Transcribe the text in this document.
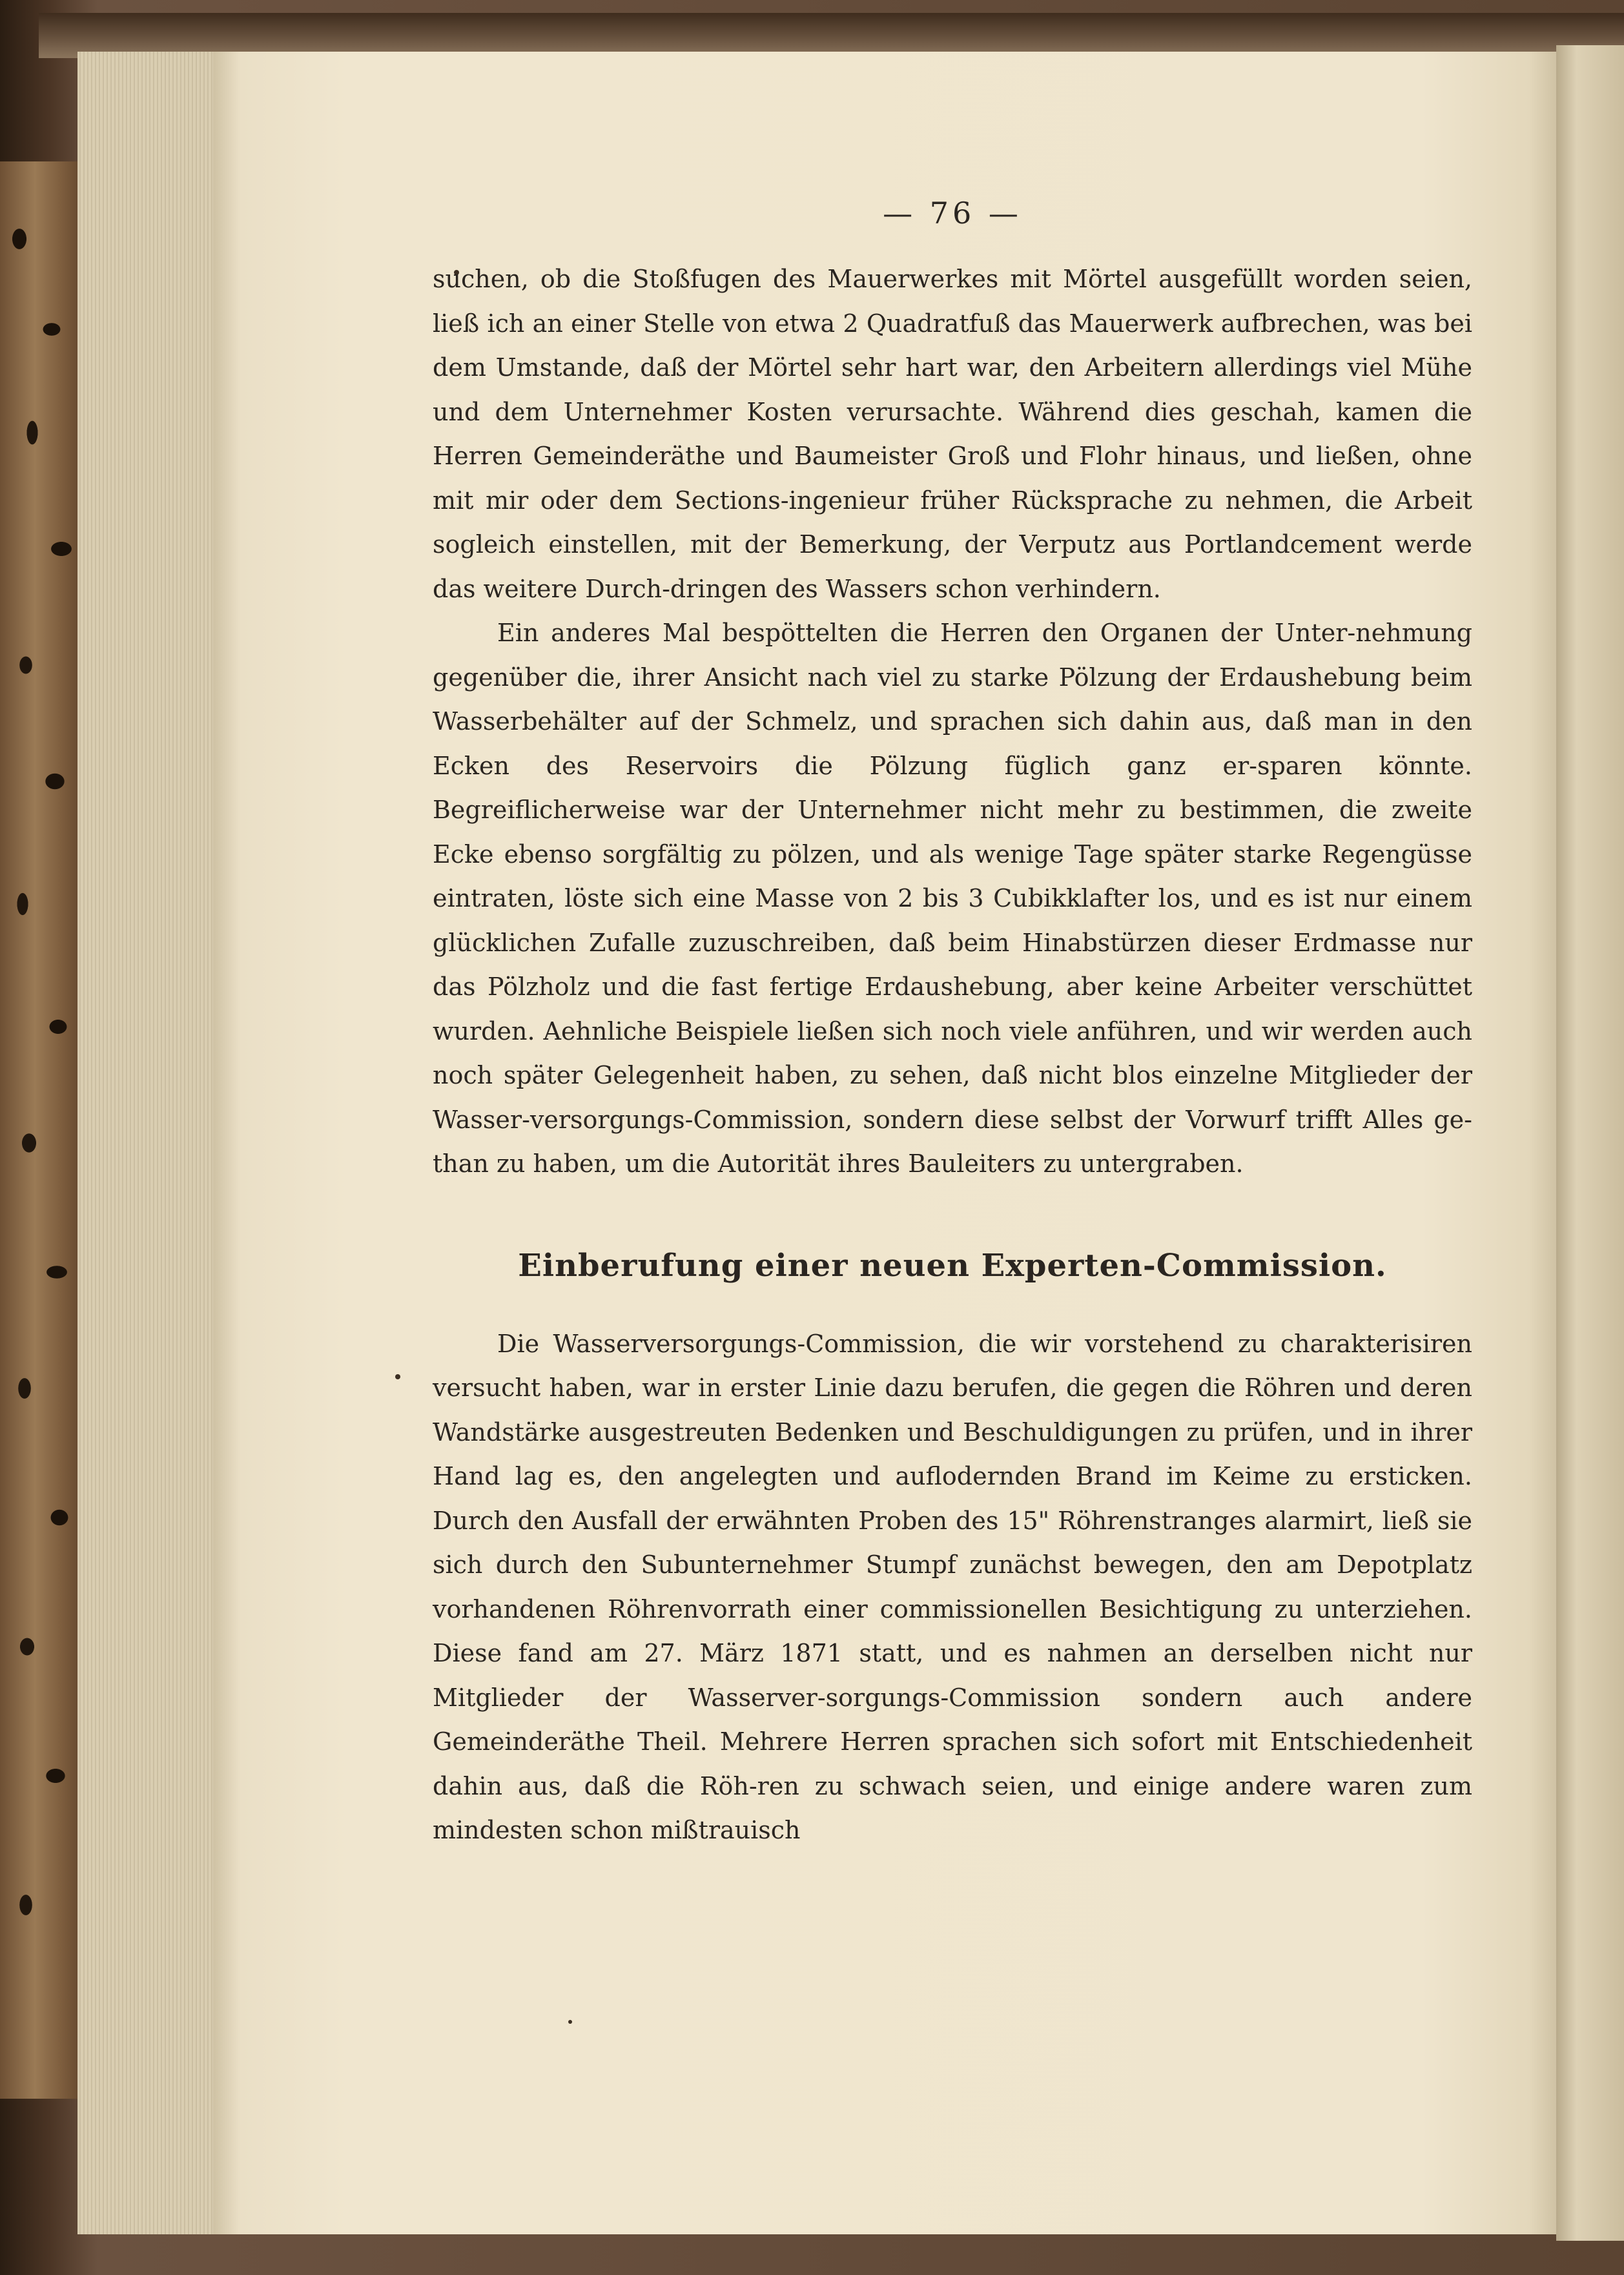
— 76 —

suchen, ob die Stoßfugen des Mauerwerkes mit Mörtel ausgefüllt worden seien, ließ ich an einer Stelle von etwa 2 Quadratfuß das Mauerwerk aufbrechen, was bei dem Umstande, daß der Mörtel sehr hart war, den Arbeitern allerdings viel Mühe und dem Unternehmer Kosten verursachte. Während dies geschah, kamen die Herren Gemeinderäthe und Baumeister Groß und Flohr hinaus, und ließen, ohne mit mir oder dem Sections-ingenieur früher Rücksprache zu nehmen, die Arbeit sogleich einstellen, mit der Bemerkung, der Verputz aus Portlandcement werde das weitere Durch-dringen des Wassers schon verhindern.

Ein anderes Mal bespöttelten die Herren den Organen der Unter-nehmung gegenüber die, ihrer Ansicht nach viel zu starke Pölzung der Erdaushebung beim Wasserbehälter auf der Schmelz, und sprachen sich dahin aus, daß man in den Ecken des Reservoirs die Pölzung füglich ganz er-sparen könnte. Begreiflicherweise war der Unternehmer nicht mehr zu bestimmen, die zweite Ecke ebenso sorgfältig zu pölzen, und als wenige Tage später starke Regengüsse eintraten, löste sich eine Masse von 2 bis 3 Cubikklafter los, und es ist nur einem glücklichen Zufalle zuzuschreiben, daß beim Hinabstürzen dieser Erdmasse nur das Pölzholz und die fast fertige Erdaushebung, aber keine Arbeiter verschüttet wurden. Aehnliche Beispiele ließen sich noch viele anführen, und wir werden auch noch später Gelegenheit haben, zu sehen, daß nicht blos einzelne Mitglieder der Wasser-versorgungs-Commission, sondern diese selbst der Vorwurf trifft Alles ge-than zu haben, um die Autorität ihres Bauleiters zu untergraben.

Einberufung einer neuen Experten-Commission.

Die Wasserversorgungs-Commission, die wir vorstehend zu charakterisiren versucht haben, war in erster Linie dazu berufen, die gegen die Röhren und deren Wandstärke ausgestreuten Bedenken und Beschuldigungen zu prüfen, und in ihrer Hand lag es, den angelegten und auflodernden Brand im Keime zu ersticken. Durch den Ausfall der erwähnten Proben des 15" Röhrenstranges alarmirt, ließ sie sich durch den Subunternehmer Stumpf zunächst bewegen, den am Depotplatz vorhandenen Röhrenvorrath einer commissionellen Besichtigung zu unterziehen. Diese fand am 27. März 1871 statt, und es nahmen an derselben nicht nur Mitglieder der Wasserver-sorgungs-Commission sondern auch andere Gemeinderäthe Theil. Mehrere Herren sprachen sich sofort mit Entschiedenheit dahin aus, daß die Röh-ren zu schwach seien, und einige andere waren zum mindesten schon mißtrauisch
